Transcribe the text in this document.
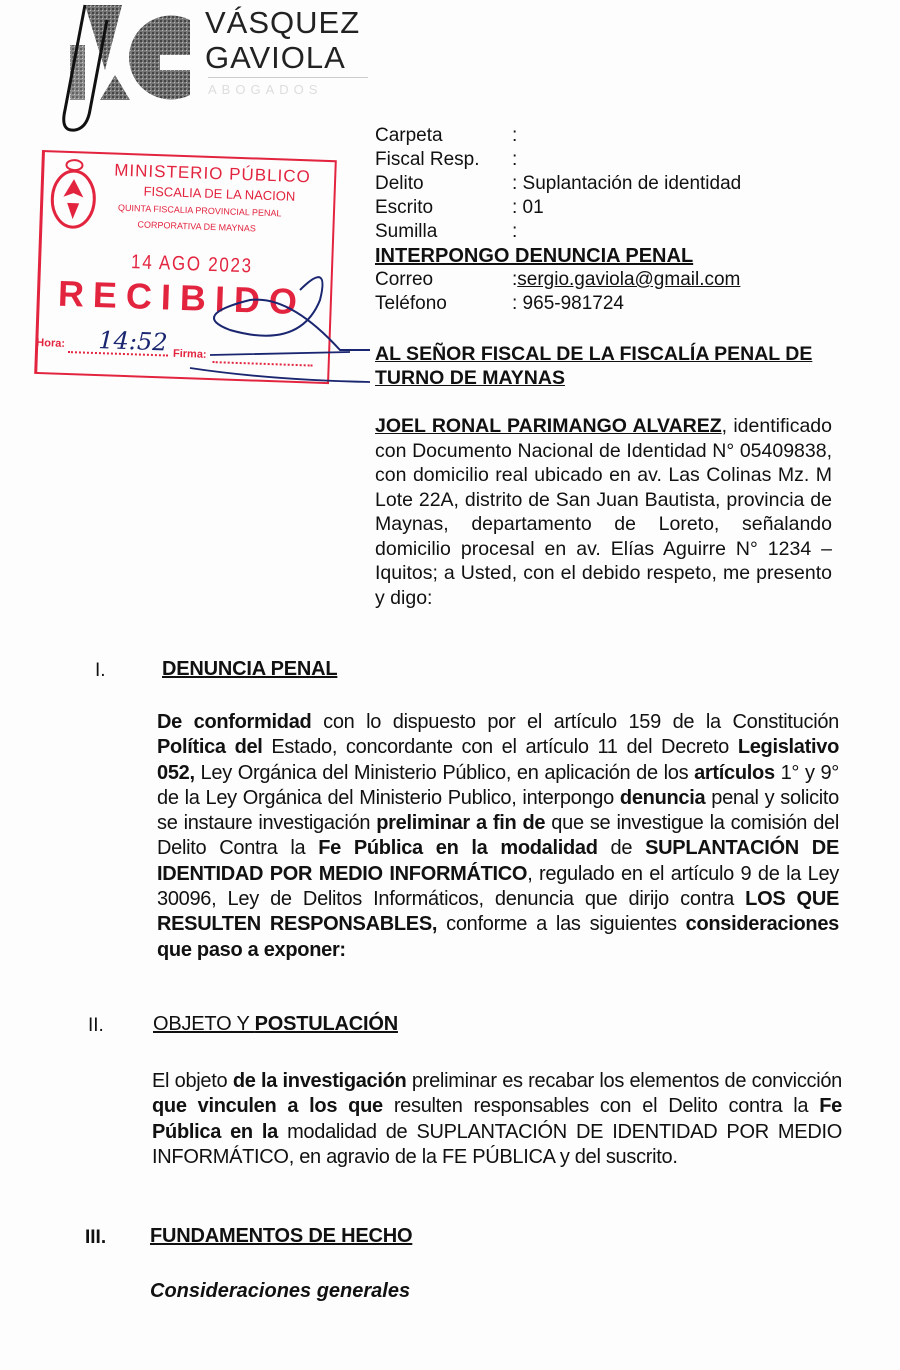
VÁSQUEZ
GAVIOLA
ABOGADOS
MINISTERIO PÚBLICO
FISCALIA DE LA NACION
QUINTA FISCALIA PROVINCIAL PENAL
CORPORATIVA DE MAYNAS
14 AGO 2023
RECIBIDO
Hora: 14:52 Firma:
Carpeta	:
Fiscal Resp.	:
Delito	: Suplantación de identidad
Escrito	: 01
Sumilla	:
INTERPONGO DENUNCIA PENAL
Correo	: sergio.gaviola@gmail.com
Teléfono	: 965-981724
AL SEÑOR FISCAL DE LA FISCALÍA PENAL DE TURNO DE MAYNAS
JOEL RONAL PARIMANGO ALVAREZ, identificado con Documento Nacional de Identidad N° 05409838, con domicilio real ubicado en av. Las Colinas Mz. M Lote 22A, distrito de San Juan Bautista, provincia de Maynas, departamento de Loreto, señalando domicilio procesal en av. Elías Aguirre N° 1234 – Iquitos; a Usted, con el debido respeto, me presento y digo:
I.	DENUNCIA PENAL
De conformidad con lo dispuesto por el artículo 159 de la Constitución Política del Estado, concordante con el artículo 11 del Decreto Legislativo 052, Ley Orgánica del Ministerio Público, en aplicación de los artículos 1° y 9° de la Ley Orgánica del Ministerio Publico, interpongo denuncia penal y solicito se instaure investigación preliminar a fin de que se investigue la comisión del Delito Contra la Fe Pública en la modalidad de SUPLANTACIÓN DE IDENTIDAD POR MEDIO INFORMÁTICO, regulado en el artículo 9 de la Ley 30096, Ley de Delitos Informáticos, denuncia que dirijo contra LOS QUE RESULTEN RESPONSABLES, conforme a las siguientes consideraciones que paso a exponer:
II. OBJETO Y POSTULACIÓN
El objeto de la investigación preliminar es recabar los elementos de convicción que vinculen a los que resulten responsables con el Delito contra la Fe Pública en la modalidad de SUPLANTACIÓN DE IDENTIDAD POR MEDIO INFORMÁTICO, en agravio de la FE PÚBLICA y del suscrito.
III. FUNDAMENTOS DE HECHO
Consideraciones generales
